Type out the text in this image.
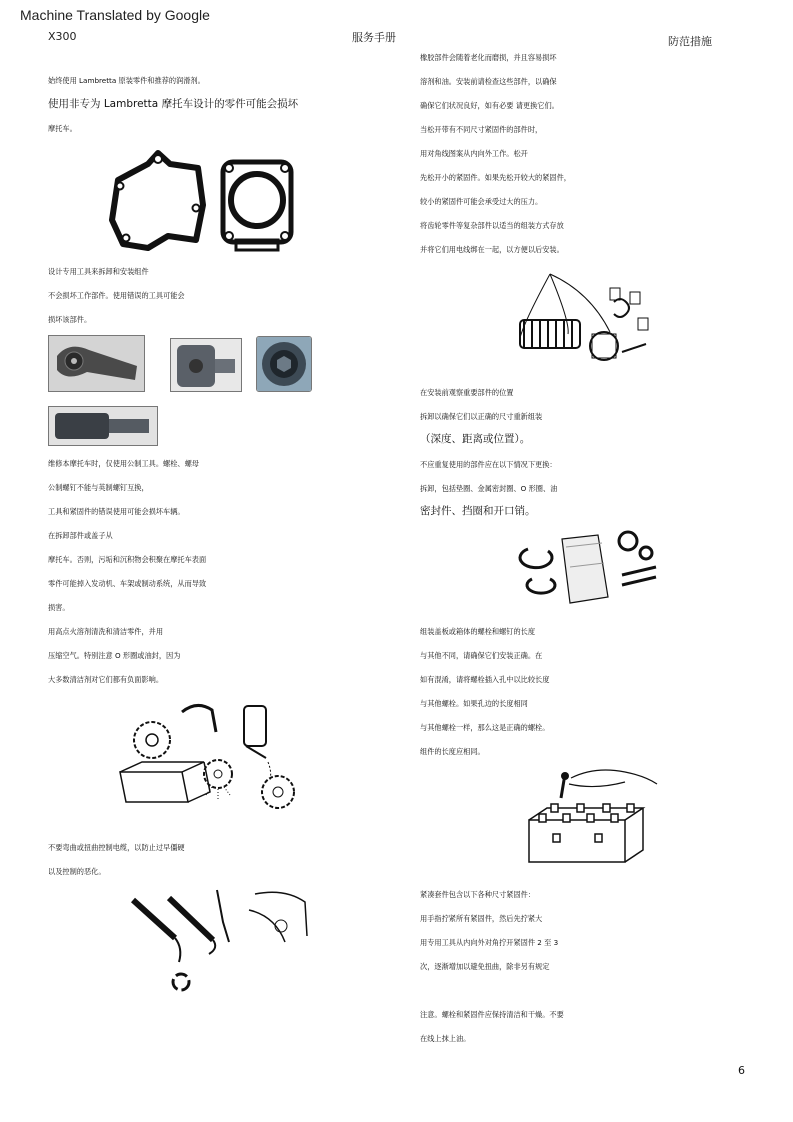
Machine Translated by Google
X300	服务手册	防范措施
始终使用 Lambretta 原装零件和推荐的润滑剂。
使用非专为 Lambretta 摩托车设计的零件可能会损坏
摩托车。
设计专用工具来拆卸和安装组件
不会损坏工作部件。使用错误的工具可能会
损坏该部件。
维修本摩托车时，仅使用公制工具。螺栓、螺母
公制螺钉不能与英制螺钉互换，
工具和紧固件的错误使用可能会损坏车辆。
在拆卸部件或盖子从
摩托车。否则，污垢和沉积物会积聚在摩托车表面
零件可能掉入发动机、车架或制动系统，从而导致
损害。
用高点火溶剂清洗和清洁零件，并用
压缩空气。特别注意 O 形圈或油封，因为
大多数清洁剂对它们都有负面影响。
不要弯曲或扭曲控制电缆，以防止过早僵硬
以及控制的恶化。
橡胶部件会随着老化而磨损，并且容易损坏
溶剂和油。安装前请检查这些部件，以确保
确保它们状况良好，如有必要 请更换它们。
当松开带有不同尺寸紧固件的部件时，
用对角线图案从内向外工作。松开
先松开小的紧固件。如果先松开较大的紧固件，
较小的紧固件可能会承受过大的压力。
将齿轮零件等复杂部件以适当的组装方式存放
并将它们用电线绑在一起，以方便以后安装。
在安装前观察重要部件的位置
拆卸以确保它们以正确的尺寸重新组装
（深度、距离或位置）。
不应重复使用的部件应在以下情况下更换：
拆卸，包括垫圈、金属密封圈、O 形圈、油
密封件、挡圈和开口销。
组装盖板或箱体的螺栓和螺钉的长度
与其他不同，请确保它们安装正确。在
如有混淆，请将螺栓插入孔中以比较长度
与其他螺栓。如果孔边的长度相同
与其他螺栓一样，那么这是正确的螺栓。
组件的长度应相同。
紧凑套件包含以下各种尺寸紧固件：
用手指拧紧所有紧固件，然后先拧紧大
用专用工具从内向外对角拧开紧固件 2 至 3
次，逐渐增加以避免扭曲，除非另有规定
注意。螺栓和紧固件应保持清洁和干燥。不要
在线上抹上油。
6
